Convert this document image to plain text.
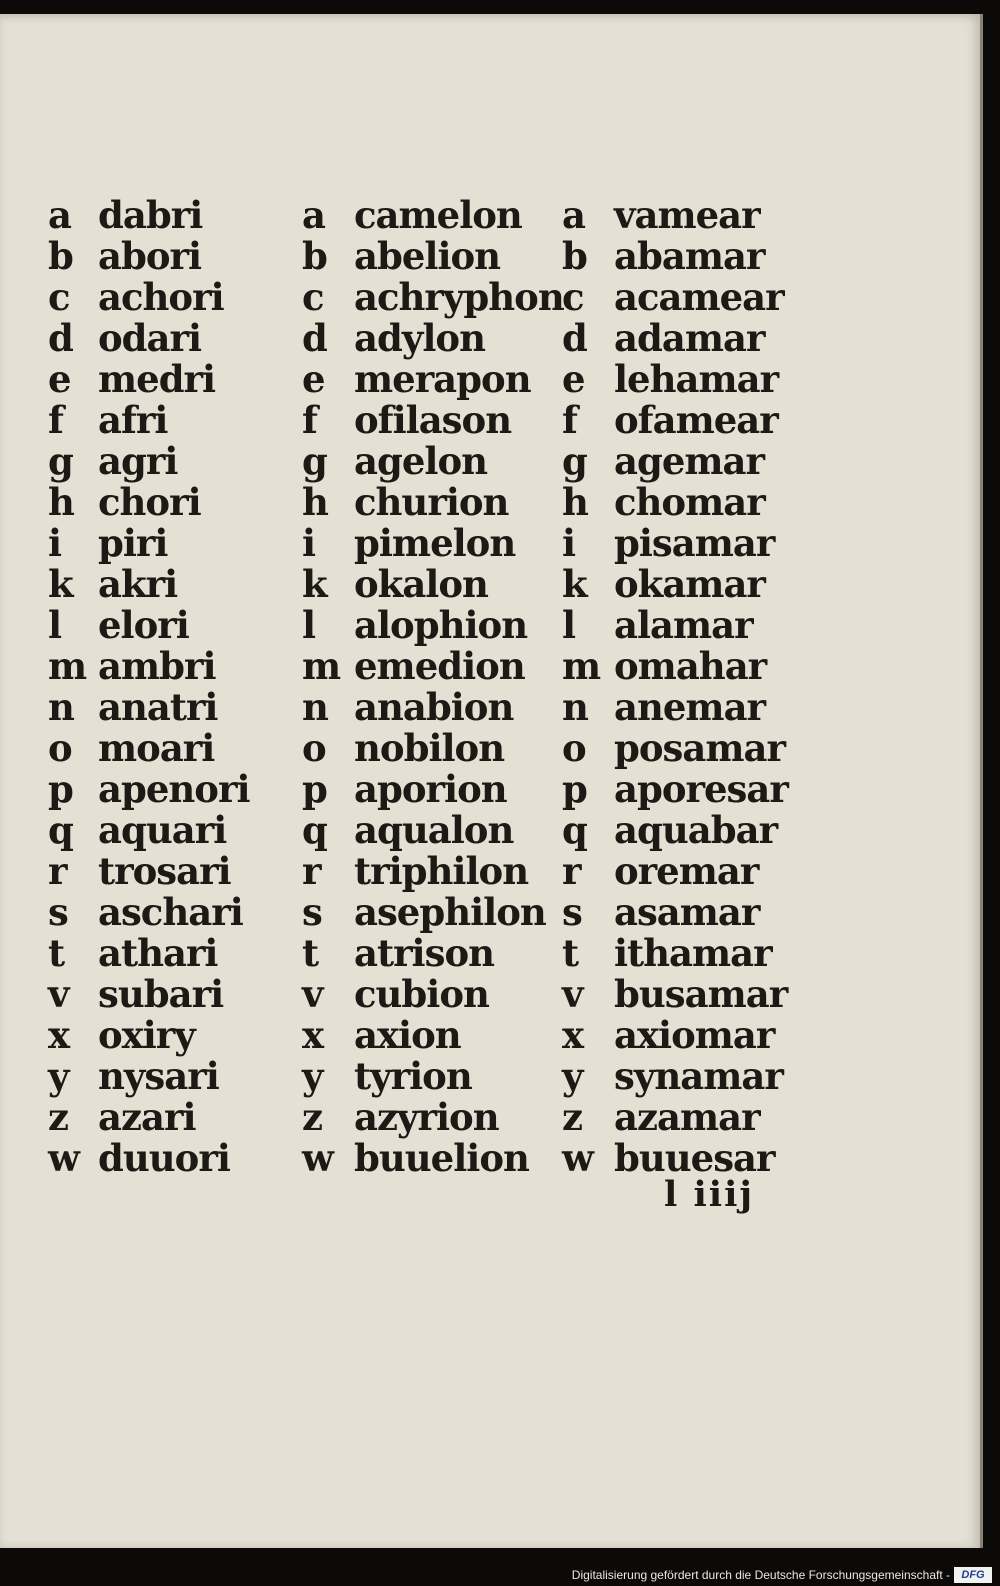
a dabri
b abori
c achori
d odari
e medri
f afri
g agri
h chori
i piri
k akri
l elori
m ambri
n anatri
o moari
p apenori
q aquari
r trosari
s aschari
t athari
v subari
x oxiry
y nysari
z azari
w duuori
a camelon
b abelion
c achryphon
d adylon
e merapon
f	ofilason
g agelon
h churion
i	pimelon
k okalon
l	alophion
m emedion
n anabion
o nobilon
p aporion
q aqualon
r triphilon
s asephilon
t atrison
v cubion
x axion
y tyrion
z azyrion
w buuelion
a vamear
b abamar
c acamear
d adamar
e lehamar
f	ofamear
g agemar
h chomar
i	pisamar
k okamar
l	alamar
m omahar
n anemar
o posamar
p aporesar
q aquabar
r oremar
s asamar
t ithamar
v busamar
x axiomar
y synamar
z azamar
w buuesar
l iiij
Digitalisierung gefördert durch die Deutsche Forschungsgemeinschaft -	DFG
